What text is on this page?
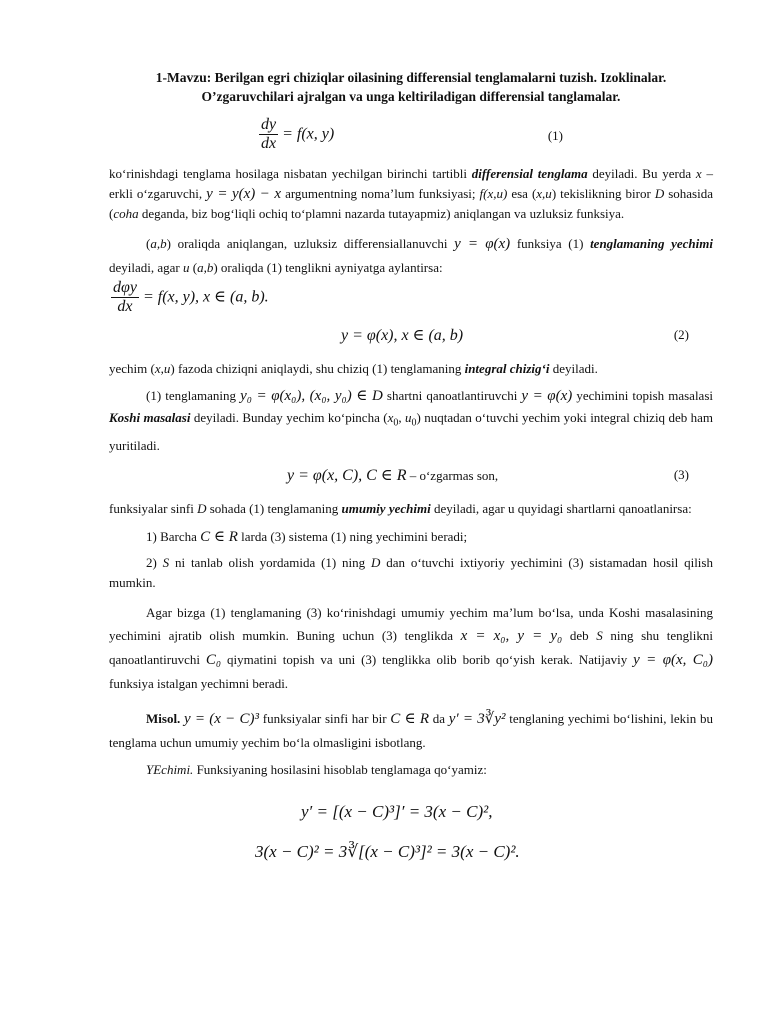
1-Mavzu: Berilgan egri chiziqlar oilasining differensial tenglamalarni tuzish. Izoklinalar.
O’zgaruvchilari ajralgan va unga keltiriladigan differensial tanglamalar.
$\frac{dy}{dx} = f(x$, y)	(1)

ko‘rinishdagi tenglama hosilaga nisbatan yechilgan birinchi tartibli differensial tenglama deyiladi. Bu yerda x – erkli o‘zgaruvchi, y = y(x) − x argumentning noma’lum funksiyasi; f(x,u) esa (x,u) tekislikning biror D sohasida (coha deganda, biz bog‘liqli ochiq to‘plamni nazarda tutayapmiz) aniqlangan va uzluksiz funksiya.

(a,b) oraliqda aniqlangan, uzluksiz differensiallanuvchi y = φ(x) funksiya (1) tenglamaning yechimi deyiladi, agar u (a,b) oraliqda (1) tenglikni ayniyatga aylantirsa:

$\frac{\text{dφy}}{dx} = f(x$, y), x ∈ (a, b).
y = φ(x), x ∈ (a, b)	(2)

yechim (x,u) fazoda chiziqni aniqlaydi, shu chiziq (1) tenglamaning integral chizig‘i deyiladi.

(1) tenglamaning y₀ = φ(x₀), (x₀, y₀) ∈ D shartni qanoatlantiruvchi y = φ(x) yechimini topish masalasi Koshi masalasi deyiladi. Bunday yechim ko‘pincha ($x_0$, $u_0$) nuqtadan o‘tuvchi yechim yoki integral chiziq deb ham yuritiladi.

y = φ(x, C), C ∈ R – o‘zgarmas son,	(3)

funksiyalar sinfi D sohada (1) tenglamaning umumiy yechimi deyiladi, agar u quyidagi shartlarni qanoatlanirsa:

1) Barcha C ∈ R larda (3) sistema (1) ning yechimini beradi;

2) S ni tanlab olish yordamida (1) ning D dan o‘tuvchi ixtiyoriy yechimini (3) sistamadan hosil qilish mumkin.

Agar bizga (1) tenglamaning (3) ko‘rinishdagi umumiy yechim ma’lum bo‘lsa, unda Koshi masalasining yechimini ajratib olish mumkin. Buning uchun (3) tenglikda x = x₀, y = y₀ deb S ning shu tenglikni qanoatlantiruvchi C₀ qiymatini topish va uni (3) tenglikka olib borib qo‘yish kerak. Natijaviy y = φ(x, C₀) funksiya istalgan yechimni beradi.

Misol. y = (x − C)³ funksiyalar sinfi har bir C ∈ R da y′ = 3∛y² tenglaning yechimi bo‘lishini, lekin bu tenglama uchun umumiy yechim bo‘la olmasligini isbotlang.

YEchimi. Funksiyaning hosilasini hisoblab tenglamaga qo‘yamiz:

y′ = [(x − C)³]′ = 3(x − C)²,
3(x − C)² = 3∛[(x − C)³]² = 3(x − C)².
